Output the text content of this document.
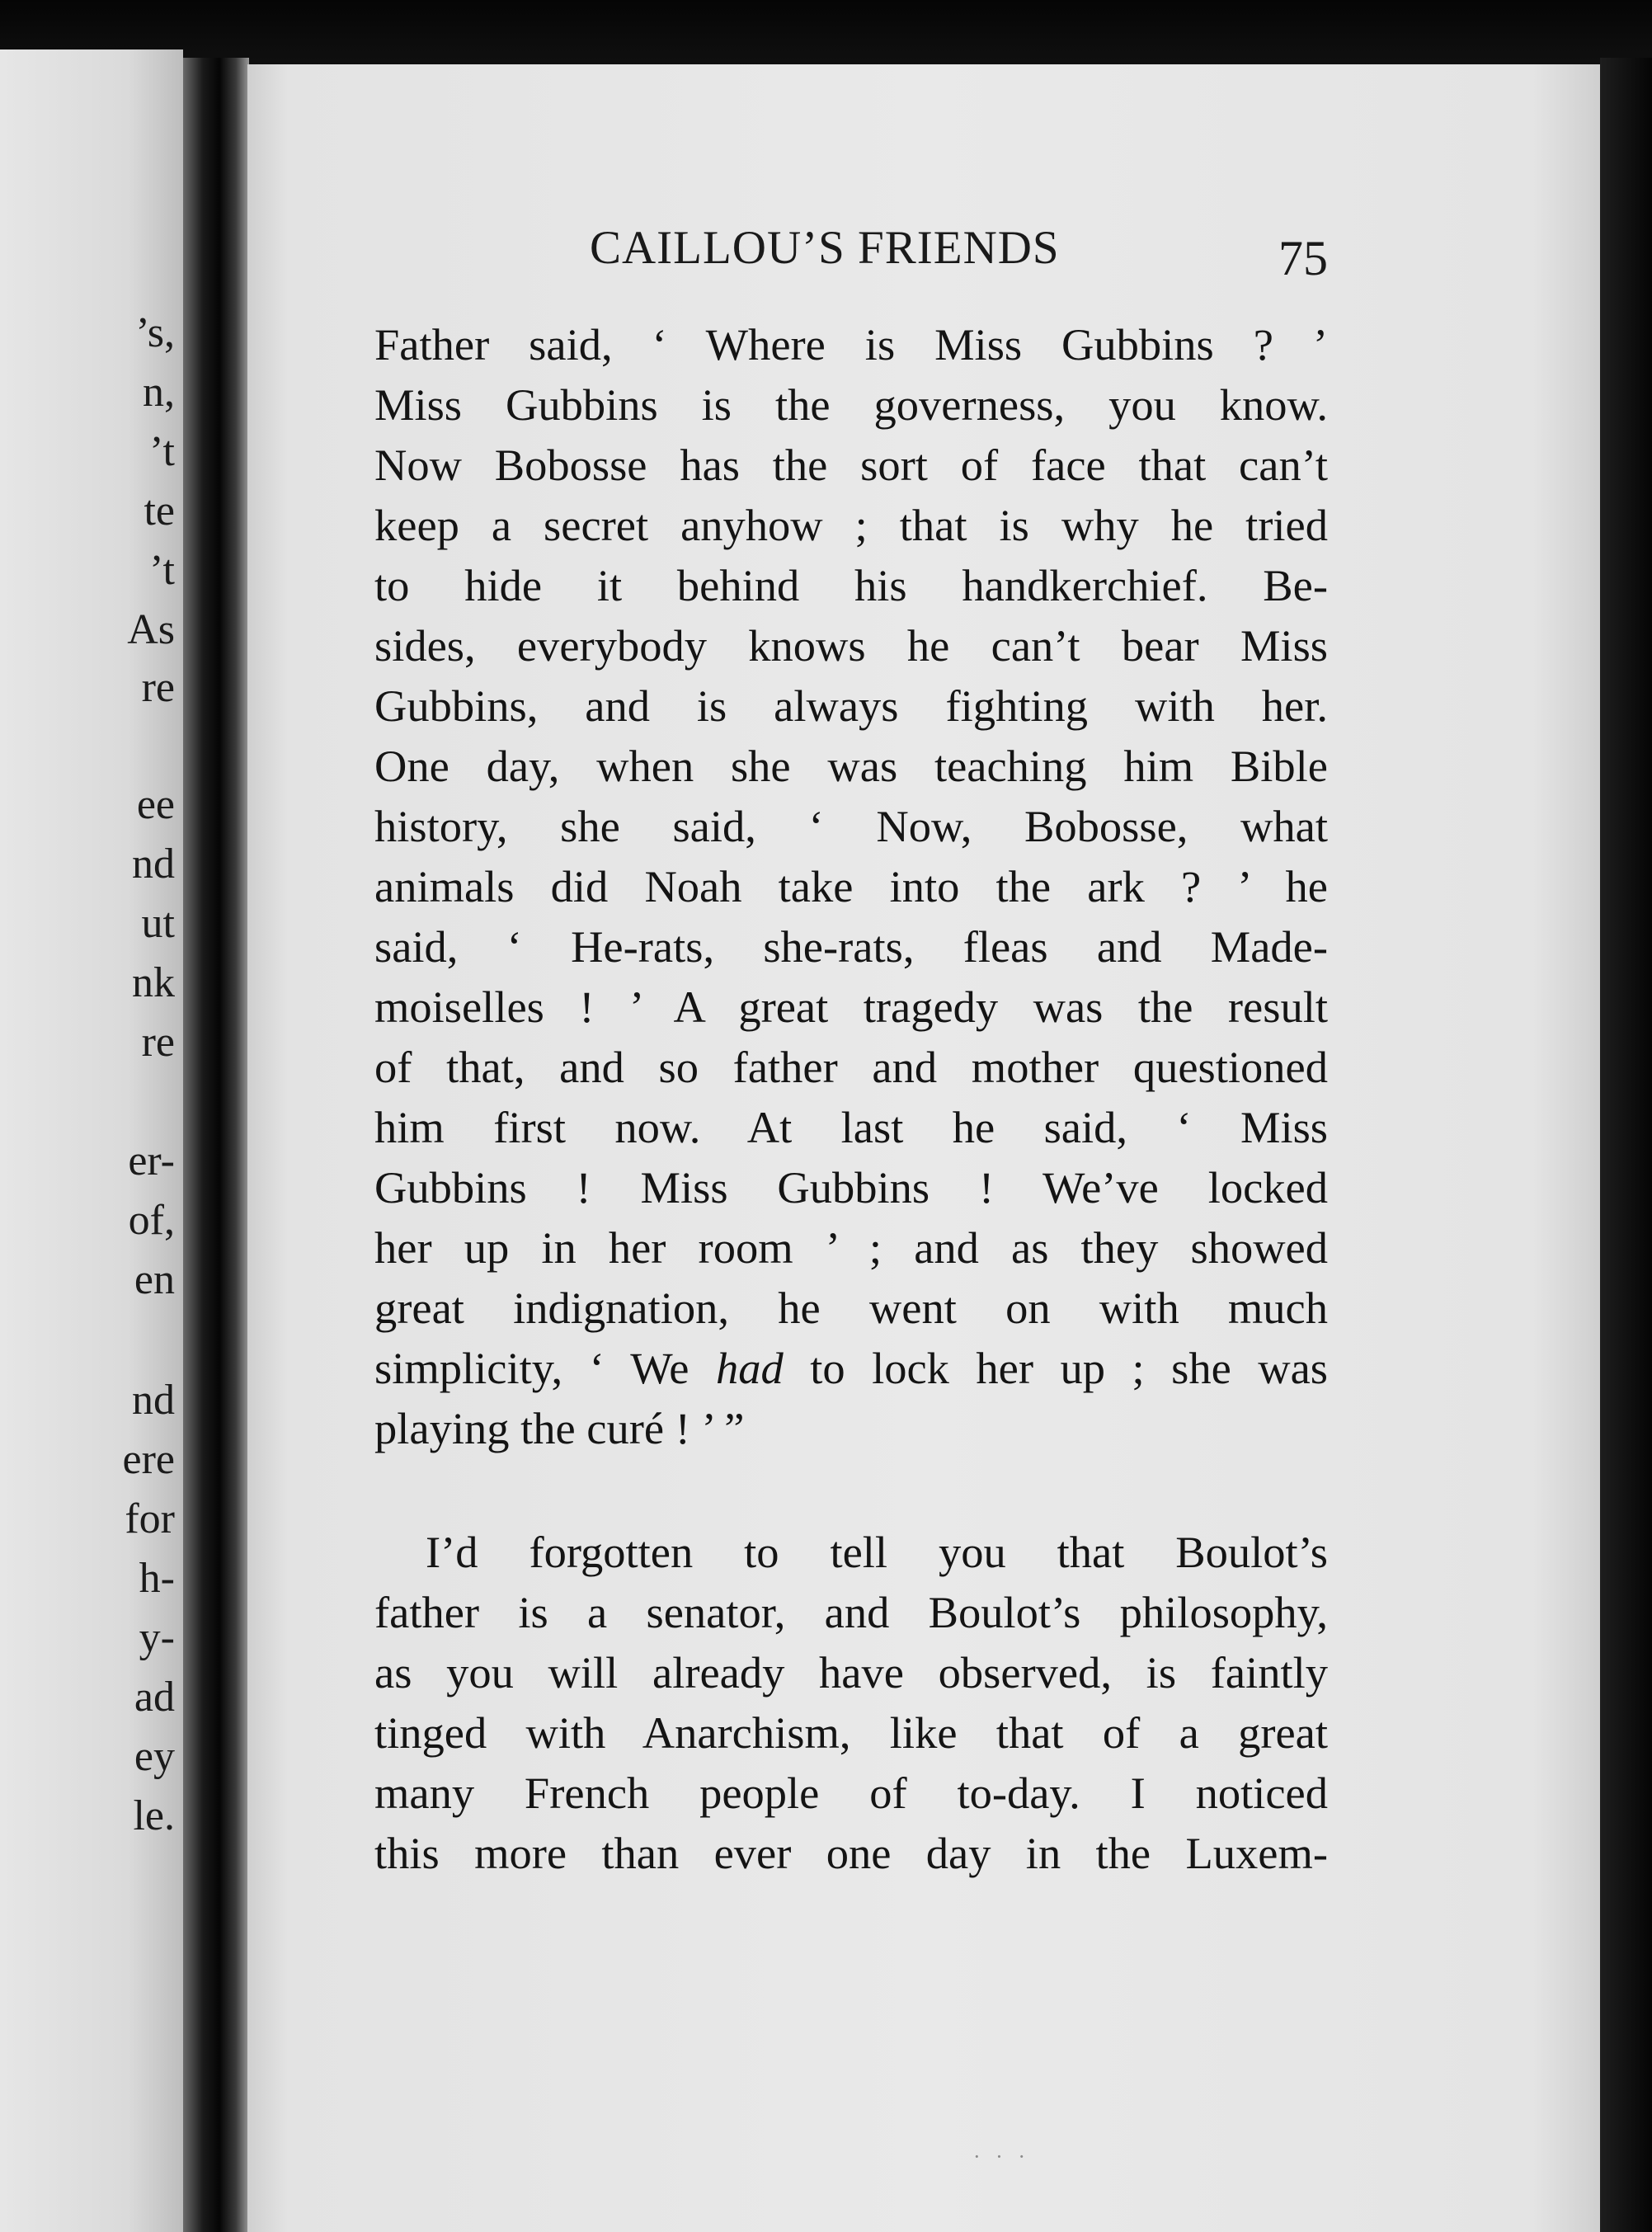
’s,
n,
’t
te
’t
As
re
ee
nd
ut
nk
re
er-
of,
en
nd
ere
for
h-
y-
ad
ey
le.
CAILLOU’S FRIENDS	75
Father said, ‘ Where is Miss Gubbins ? ’
Miss Gubbins is the governess, you know.
Now Bobosse has the sort of face that can’t
keep a secret anyhow ; that is why he tried
to hide it behind his handkerchief. Be-
sides, everybody knows he can’t bear Miss
Gubbins, and is always fighting with her.
One day, when she was teaching him Bible
history, she said, ‘ Now, Bobosse, what
animals did Noah take into the ark ? ’ he
said, ‘ He-rats, she-rats, fleas and Made-
moiselles ! ’ A great tragedy was the result
of that, and so father and mother questioned
him first now. At last he said, ‘ Miss
Gubbins ! Miss Gubbins ! We’ve locked
her up in her room ’ ; and as they showed
great indignation, he went on with much
simplicity, ‘ We had to lock her up ; she was
playing the curé ! ’ ”
I’d forgotten to tell you that Boulot’s
father is a senator, and Boulot’s philosophy,
as you will already have observed, is faintly
tinged with Anarchism, like that of a great
many French people of to-day. I noticed
this more than ever one day in the Luxem-
· · ·
